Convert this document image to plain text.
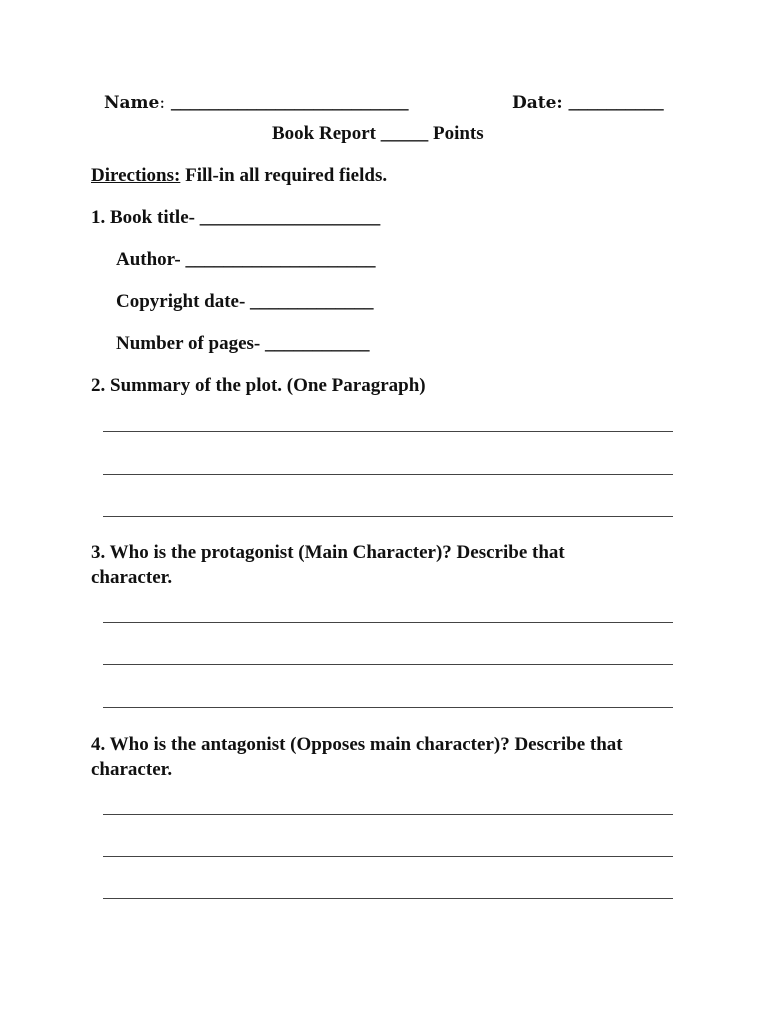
Name: _________________________	Date: __________
Book Report _____ Points
Directions: Fill-in all required fields.
1. Book title- ___________________
Author- ____________________
Copyright date- _____________
Number of pages- ___________
2. Summary of the plot. (One Paragraph)
3. Who is the protagonist (Main Character)? Describe that
character.
4. Who is the antagonist (Opposes main character)? Describe that
character.
